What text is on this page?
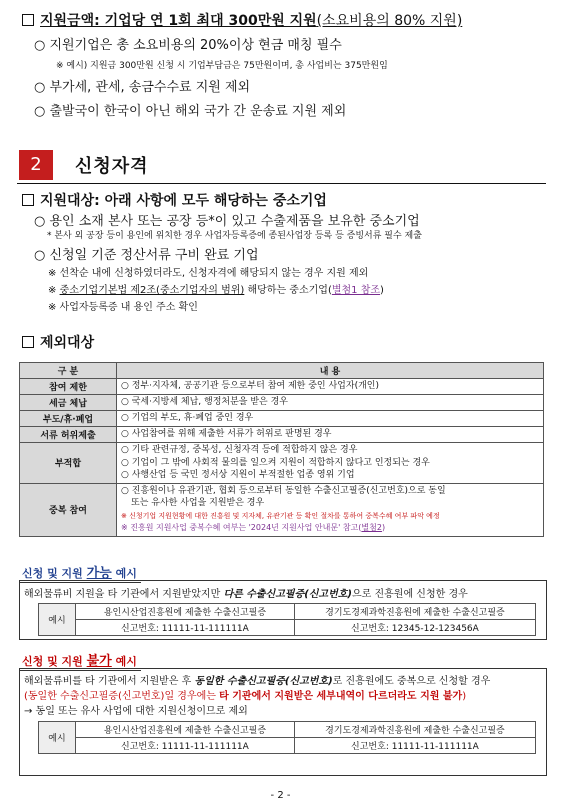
지원금액: 기업당 연 1회 최대 300만원 지원(소요비용의 80% 지원)
○ 지원기업은 총 소요비용의 20%이상 현금 매칭 필수
※ 예시) 지원금 300만원 신청 시 기업부담금은 75만원이며, 총 사업비는 375만원임
○ 부가세, 관세, 송금수수료 지원 제외
○ 출발국이 한국이 아닌 해외 국가 간 운송료 지원 제외
2	신청자격
지원대상: 아래 사항에 모두 해당하는 중소기업
○ 용인 소재 본사 또는 공장 등*이 있고 수출제품을 보유한 중소기업
* 본사 외 공장 등이 용인에 위치한 경우 사업자등록증에 종된사업장 등록 등 증빙서류 필수 제출
○ 신청일 기준 정산서류 구비 완료 기업
※ 선착순 내에 신청하였더라도, 신청자격에 해당되지 않는 경우 지원 제외
※ 중소기업기본법 제2조(중소기업자의 범위) 해당하는 중소기업(별첨1 참조)
※ 사업자등록증 내 용인 주소 확인
제외대상
구 분	내 용
참여 제한	○ 정부·지자체, 공공기관 등으로부터 참여 제한 중인 사업자(개인)

세금 체납	○ 국세·지방세 체납, 행정처분을 받은 경우

부도/휴·폐업	○ 기업의 부도, 휴·폐업 중인 경우

서류 허위제출	○ 사업참여를 위해 제출한 서류가 허위로 판명된 경우

부적합	○ 기타 관련규정, 중복성, 신청자격 등에 적합하지 않은 경우
○ 기업이 그 밖에 사회적 물의를 일으켜 지원이 적합하지 않다고 인정되는 경우
○ 사행산업 등 국민 정서상 지원이 부적절한 업종 영위 기업

중복 참여	○ 진흥원이나 유관기관, 협회 등으로부터 동일한 수출신고필증(신고번호)으로 동일
또는 유사한 사업을 지원받은 경우
※ 신청기업 지원현황에 대한 진흥원 및 지자체, 유관기관 등 확인 절차를 통하여 중복수혜 여부 파악 예정
※ 진흥원 지원사업 중복수혜 여부는 '2024년 지원사업 안내문' 참고(별첨2)
신청 및 지원 가능 예시
해외물류비 지원을 타 기관에서 지원받았지만 다른 수출신고필증(신고번호)으로 진흥원에 신청한 경우
예시	용인시산업진흥원에 제출한 수출신고필증	경기도경제과학진흥원에 제출한 수출신고필증
	신고번호: 11111-11-111111A	신고번호: 12345-12-123456A
신청 및 지원 불가 예시
해외물류비를 타 기관에서 지원받은 후 동일한 수출신고필증(신고번호)로 진흥원에도 중복으로 신청할 경우
(동일한 수출신고필증(신고번호)일 경우에는 타 기관에서 지원받은 세부내역이 다르더라도 지원 불가)
→ 동일 또는 유사 사업에 대한 지원신청이므로 제외
예시	용인시산업진흥원에 제출한 수출신고필증	경기도경제과학진흥원에 제출한 수출신고필증
	신고번호: 11111-11-111111A	신고번호: 11111-11-111111A
- 2 -
